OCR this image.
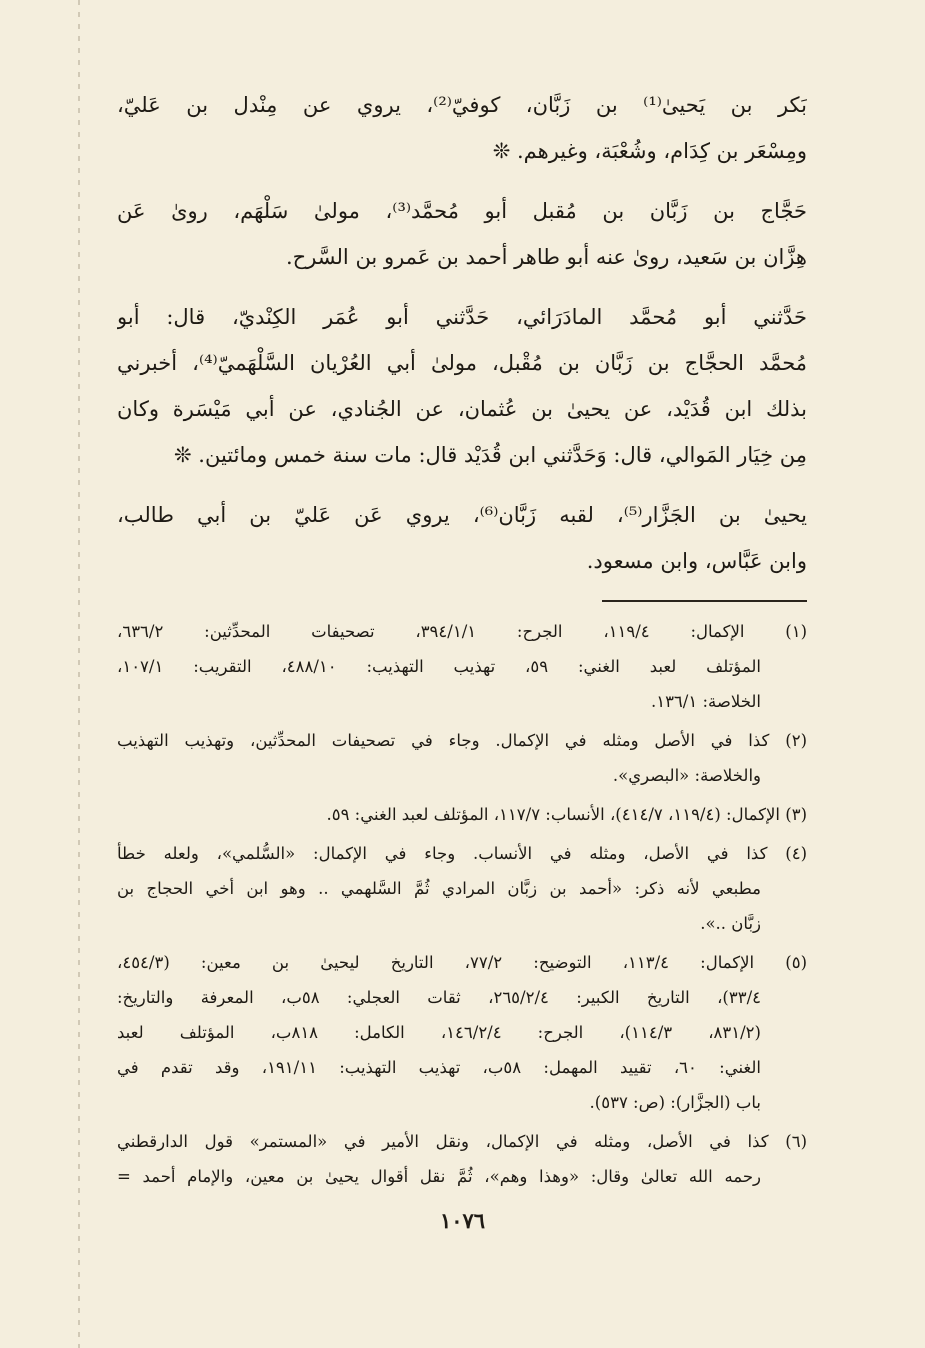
بَكر بن يَحيىٰ⁽¹⁾ بن زَبَّان، كوفيّ⁽²⁾، يروي عن مِنْدل بن عَليّ،
ومِسْعَر بن كِدَام، وشُعْبَة، وغيرهم. ❊
حَجَّاج بن زَبَّان بن مُقبل أبو مُحمَّد⁽³⁾، مولىٰ سَلْهَم، روىٰ عَن
هِزَّان بن سَعيد، روىٰ عنه أبو طاهر أحمد بن عَمرو بن السَّرح.
حَدَّثني أبو مُحمَّد المادَرَائي، حَدَّثني أبو عُمَر الكِنْديّ، قال: أبو
مُحمَّد الحجَّاج بن زَبَّان بن مُقْبل، مولىٰ أبي العُرْيان السَّلْهَميّ⁽⁴⁾، أخبرني
بذلك ابن قُدَيْد، عن يحيىٰ بن عُثمان، عن الجُنادي، عن أبي مَيْسَرة وكان
مِن خِيَار المَوالي، قال: وَحَدَّثني ابن قُدَيْد قال: مات سنة خمس ومائتين. ❊
يحيىٰ بن الجَزَّار⁽⁵⁾، لقبه زَبَّان⁽⁶⁾، يروي عَن عَليّ بن أبي طالب،
وابن عَبَّاس، وابن مسعود.
(١) الإكمال: ١١٩/٤، الجرح: ٣٩٤/١/١، تصحيفات المحدِّثين: ٦٣٦/٢،
المؤتلف لعبد الغني: ٥٩، تهذيب التهذيب: ٤٨٨/١٠، التقريب: ١٠٧/١،
الخلاصة: ١٣٦/١.
(٢) كذا في الأصل ومثله في الإكمال. وجاء في تصحيفات المحدِّثين، وتهذيب التهذيب
والخلاصة: «البصري».
(٣) الإكمال: (١١٩/٤، ٤١٤/٧)، الأنساب: ١١٧/٧، المؤتلف لعبد الغني: ٥٩.
(٤) كذا في الأصل، ومثله في الأنساب. وجاء في الإكمال: «السُّلمي»، ولعله خطأ
مطبعي لأنه ذكر: «أحمد بن زبَّان المرادي ثُمَّ السَّلهمي .. وهو ابن أخي الحجاج بن
زبَّان ..».
(٥) الإكمال: ١١٣/٤، التوضيح: ٧٧/٢، التاريخ ليحيىٰ بن معين: (٤٥٤/٣،
٣٣/٤)، التاريخ الكبير: ٢٦٥/٢/٤، ثقات العجلي: ٥٨ب، المعرفة والتاريخ:
(٨٣١/٢، ١١٤/٣)، الجرح: ١٤٦/٢/٤، الكامل: ٨١٨ب، المؤتلف لعبد
الغني: ٦٠، تقييد المهمل: ٥٨ب، تهذيب التهذيب: ١٩١/١١، وقد تقدم في
باب (الجزَّار): (ص: ٥٣٧).
(٦) كذا في الأصل، ومثله في الإكمال، ونقل الأمير في «المستمر» قول الدارقطني
رحمه الله تعالىٰ وقال: «وهذا وهم»، ثُمَّ نقل أقوال يحيىٰ بن معين، والإمام أحمد =
١٠٧٦
